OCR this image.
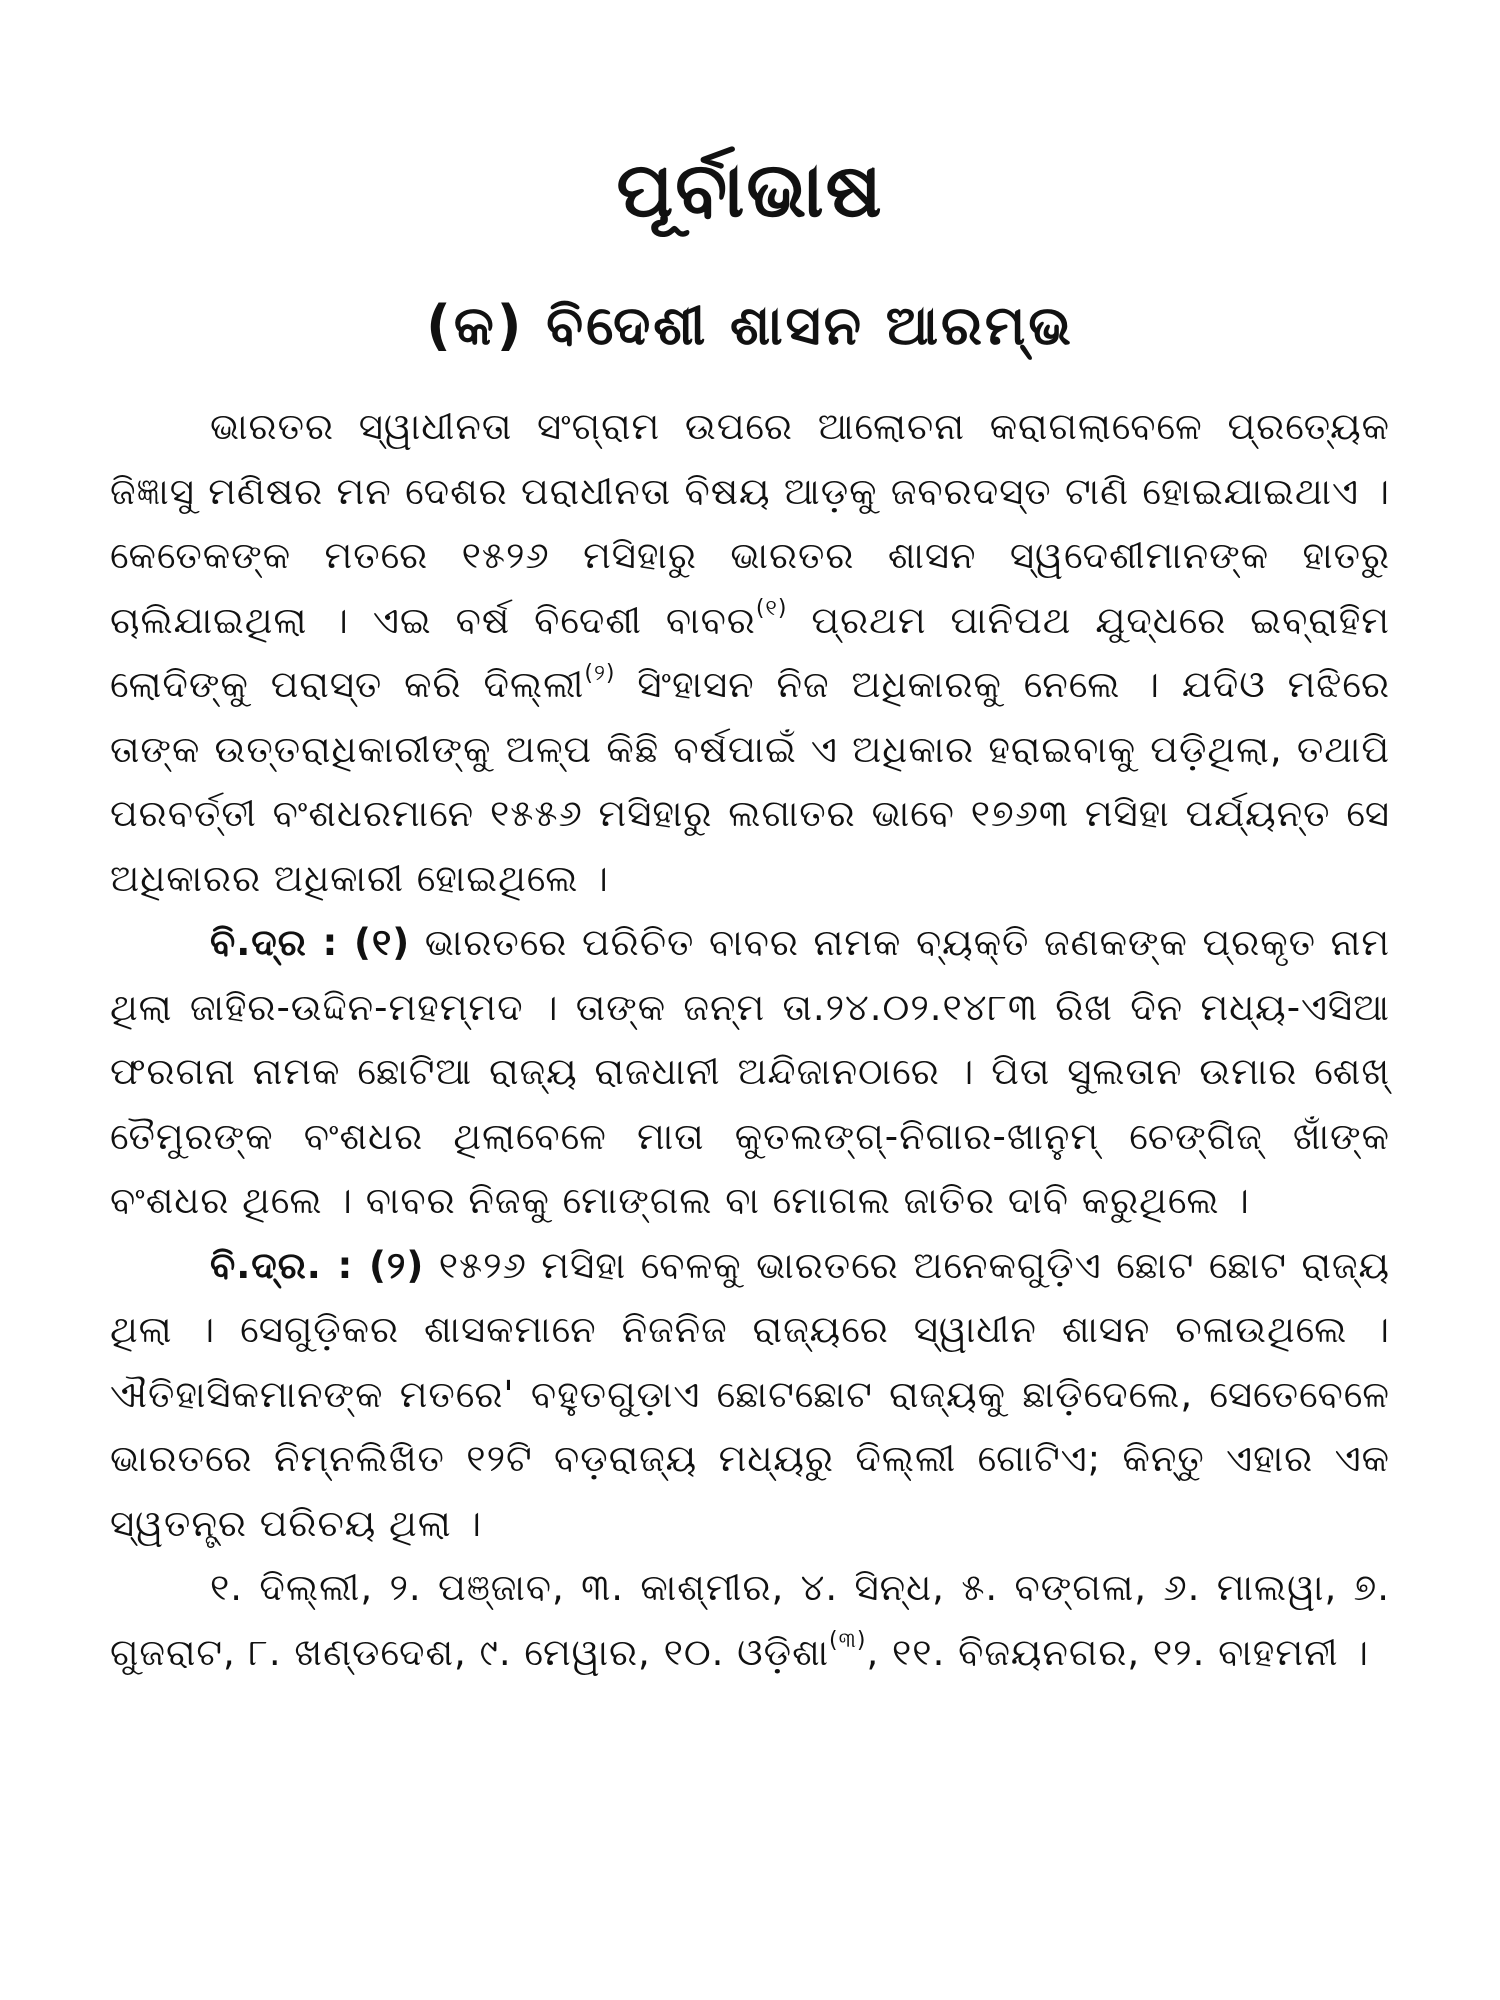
ପୂର୍ବାଭାଷ
(କ) ବିଦେଶୀ ଶାସନ ଆରମ୍ଭ

ଭାରତର ସ୍ୱାଧୀନତା ସଂଗ୍ରାମ ଉପରେ ଆଲୋଚନା କରାଗଲାବେଳେ ପ୍ରତ୍ୟେକ ଜିଜ୍ଞାସୁ ମଣିଷର ମନ ଦେଶର ପରାଧୀନତା ବିଷୟ ଆଡ଼କୁ ଜବରଦସ୍ତ ଟାଣି ହୋଇଯାଇଥାଏ । କେତେକଙ୍କ ମତରେ ୧୫୨୬ ମସିହାରୁ ଭାରତର ଶାସନ ସ୍ୱଦେଶୀମାନଙ୍କ ହାତରୁ ଚାଲିଯାଇଥିଲା । ଏଇ ବର୍ଷ ବିଦେଶୀ ବାବର$^{(୧)}$ ପ୍ରଥମ ପାନିପଥ ଯୁଦ୍ଧରେ ଇବ୍ରାହିମ ଲୋଦିଙ୍କୁ ପରାସ୍ତ କରି ଦିଲ୍ଲୀ$^{(୨)}$ ସିଂହାସନ ନିଜ ଅଧିକାରକୁ ନେଲେ । ଯଦିଓ ମଝିରେ ତାଙ୍କ ଉତ୍ତରାଧିକାରୀଙ୍କୁ ଅଳ୍ପ କିଛି ବର୍ଷପାଇଁ ଏ ଅଧିକାର ହରାଇବାକୁ ପଡ଼ିଥିଲା, ତଥାପି ପରବର୍ତ୍ତୀ ବଂଶଧରମାନେ ୧୫୫୬ ମସିହାରୁ ଲଗାତର ଭାବେ ୧୭୬୩ ମସିହା ପର୍ଯ୍ୟନ୍ତ ସେ ଅଧିକାରର ଅଧିକାରୀ ହୋଇଥିଲେ ।

ବି.ଦ୍ର : (୧) ଭାରତରେ ପରିଚିତ ବାବର ନାମକ ବ୍ୟକ୍ତି ଜଣକଙ୍କ ପ୍ରକୃତ ନାମ ଥିଲା ଜାହିର-ଉଦ୍ଦିନ-ମହମ୍ମଦ । ତାଙ୍କ ଜନ୍ମ ତା.୨୪.୦୨.୧୪୮୩ ରିଖ ଦିନ ମଧ୍ୟ-ଏସିଆ ଫରଗନା ନାମକ ଛୋଟିଆ ରାଜ୍ୟ ରାଜଧାନୀ ଅନ୍ଦିଜାନଠାରେ । ପିତା ସୁଲତାନ ଉମାର ଶେଖ୍ ତୈମୁରଙ୍କ ବଂଶଧର ଥିଲାବେଳେ ମାତା କୁତଲଙ୍ଗ୍-ନିଗାର-ଖାନୁମ୍ ଚେଙ୍ଗିଜ୍ ଖାଁଙ୍କ ବଂଶଧର ଥିଲେ । ବାବର ନିଜକୁ ମୋଙ୍ଗଲ ବା ମୋଗଲ ଜାତିର ଦାବି କରୁଥିଲେ ।

ବି.ଦ୍ର. : (୨) ୧୫୨୬ ମସିହା ବେଳକୁ ଭାରତରେ ଅନେକଗୁଡ଼ିଏ ଛୋଟ ଛୋଟ ରାଜ୍ୟ ଥିଲା । ସେଗୁଡ଼ିକର ଶାସକମାନେ ନିଜନିଜ ରାଜ୍ୟରେ ସ୍ୱାଧୀନ ଶାସନ ଚଳାଉଥିଲେ । ଐତିହାସିକମାନଙ୍କ ମତରେ' ବହୁତଗୁଡ଼ାଏ ଛୋଟଛୋଟ ରାଜ୍ୟକୁ ଛାଡ଼ିଦେଲେ, ସେତେବେଳେ ଭାରତରେ ନିମ୍ନଲିଖିତ ୧୨ଟି ବଡ଼ରାଜ୍ୟ ମଧ୍ୟରୁ ଦିଲ୍ଲୀ ଗୋଟିଏ; କିନ୍ତୁ ଏହାର ଏକ ସ୍ୱତନ୍ତ୍ର ପରିଚୟ ଥିଲା ।

୧. ଦିଲ୍ଲୀ, ୨. ପଞ୍ଜାବ, ୩. କାଶ୍ମୀର, ୪. ସିନ୍ଧ, ୫. ବଙ୍ଗଳା, ୬. ମାଲୱା, ୭. ଗୁଜରାଟ, ୮. ଖଣ୍ଡଦେଶ, ୯. ମେୱାର, ୧୦. ଓଡ଼ିଶା$^{(୩)}$, ୧୧. ବିଜୟନଗର, ୧୨. ବାହମନୀ ।
